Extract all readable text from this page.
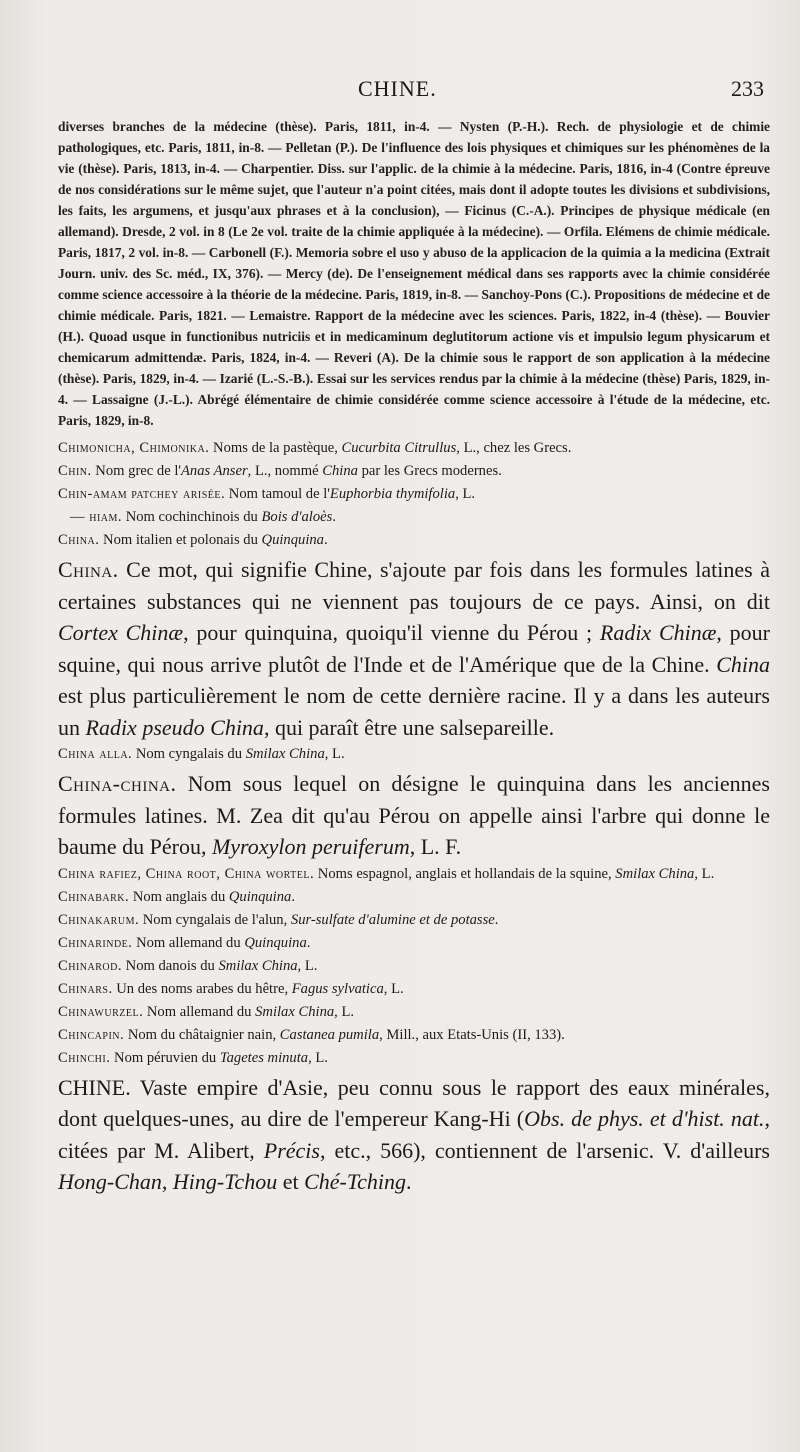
CHINE.	233

diverses branches de la médecine (thèse). Paris, 1811, in-4. — Nysten (P.-H.). Rech. de physiologie et de chimie pathologiques, etc. Paris, 1811, in-8. — Pelletan (P.). De l'influence des lois physiques et chimiques sur les phénomènes de la vie (thèse). Paris, 1813, in-4. — Charpentier. Diss. sur l'applic. de la chimie à la médecine. Paris, 1816, in-4 (Contre épreuve de nos considérations sur le même sujet, que l'auteur n'a point citées, mais dont il adopte toutes les divisions et subdivisions, les faits, les argumens, et jusqu'aux phrases et à la conclusion), — Ficinus (C.-A.). Principes de physique médicale (en allemand). Dresde, 2 vol. in 8 (Le 2e vol. traite de la chimie appliquée à la médecine). — Orfila. Elémens de chimie médicale. Paris, 1817, 2 vol. in-8. — Carbonell (F.). Memoria sobre el uso y abuso de la applicacion de la quimia a la medicina (Extrait Journ. univ. des Sc. méd., IX, 376). — Mercy (de). De l'enseignement médical dans ses rapports avec la chimie considérée comme science accessoire à la théorie de la médecine. Paris, 1819, in-8. — Sanchoy-Pons (C.). Propositions de médecine et de chimie médicale. Paris, 1821. — Lemaistre. Rapport de la médecine avec les sciences. Paris, 1822, in-4 (thèse). — Bouvier (H.). Quoad usque in functionibus nutriciis et in medicaminum deglutitorum actione vis et impulsio legum physicarum et chemicarum admittendæ. Paris, 1824, in-4. — Reveri (A). De la chimie sous le rapport de son application à la médecine (thèse). Paris, 1829, in-4. — Izarié (L.-S.-B.). Essai sur les services rendus par la chimie à la médecine (thèse) Paris, 1829, in-4. — Lassaigne (J.-L.). Abrégé élémentaire de chimie considérée comme science accessoire à l'étude de la médecine, etc. Paris, 1829, in-8.

Chimonicha, Chimonika. Noms de la pastèque, Cucurbita Citrullus, L., chez les Grecs.

Chin. Nom grec de l'Anas Anser, L., nommé China par les Grecs modernes.

Chin-amam patchey arisée. Nom tamoul de l'Euphorbia thymifolia, L.

— hiam. Nom cochinchinois du Bois d'aloès.

China. Nom italien et polonais du Quinquina.

China. Ce mot, qui signifie Chine, s'ajoute par fois dans les formules latines à certaines substances qui ne viennent pas toujours de ce pays. Ainsi, on dit Cortex Chinæ, pour quinquina, quoiqu'il vienne du Pérou ; Radix Chinæ, pour squine, qui nous arrive plutôt de l'Inde et de l'Amérique que de la Chine. China est plus particulièrement le nom de cette dernière racine. Il y a dans les auteurs un Radix pseudo China, qui paraît être une salsepareille.

China alla. Nom cyngalais du Smilax China, L.

China-china. Nom sous lequel on désigne le quinquina dans les anciennes formules latines. M. Zea dit qu'au Pérou on appelle ainsi l'arbre qui donne le baume du Pérou, Myroxylon peruiferum, L. F.

China rafiez, China root, China wortel. Noms espagnol, anglais et hollandais de la squine, Smilax China, L.

Chinabark. Nom anglais du Quinquina.

Chinakarum. Nom cyngalais de l'alun, Sur-sulfate d'alumine et de potasse.

Chinarinde. Nom allemand du Quinquina.

Chinarod. Nom danois du Smilax China, L.

Chinars. Un des noms arabes du hêtre, Fagus sylvatica, L.

Chinawurzel. Nom allemand du Smilax China, L.

Chincapin. Nom du châtaignier nain, Castanea pumila, Mill., aux Etats-Unis (II, 133).

Chinchi. Nom péruvien du Tagetes minuta, L.

CHINE. Vaste empire d'Asie, peu connu sous le rapport des eaux minérales, dont quelques-unes, au dire de l'empereur Kang-Hi (Obs. de phys. et d'hist. nat., citées par M. Alibert, Précis, etc., 566), contiennent de l'arsenic. V. d'ailleurs Hong-Chan, Hing-Tchou et Ché-Tching.
